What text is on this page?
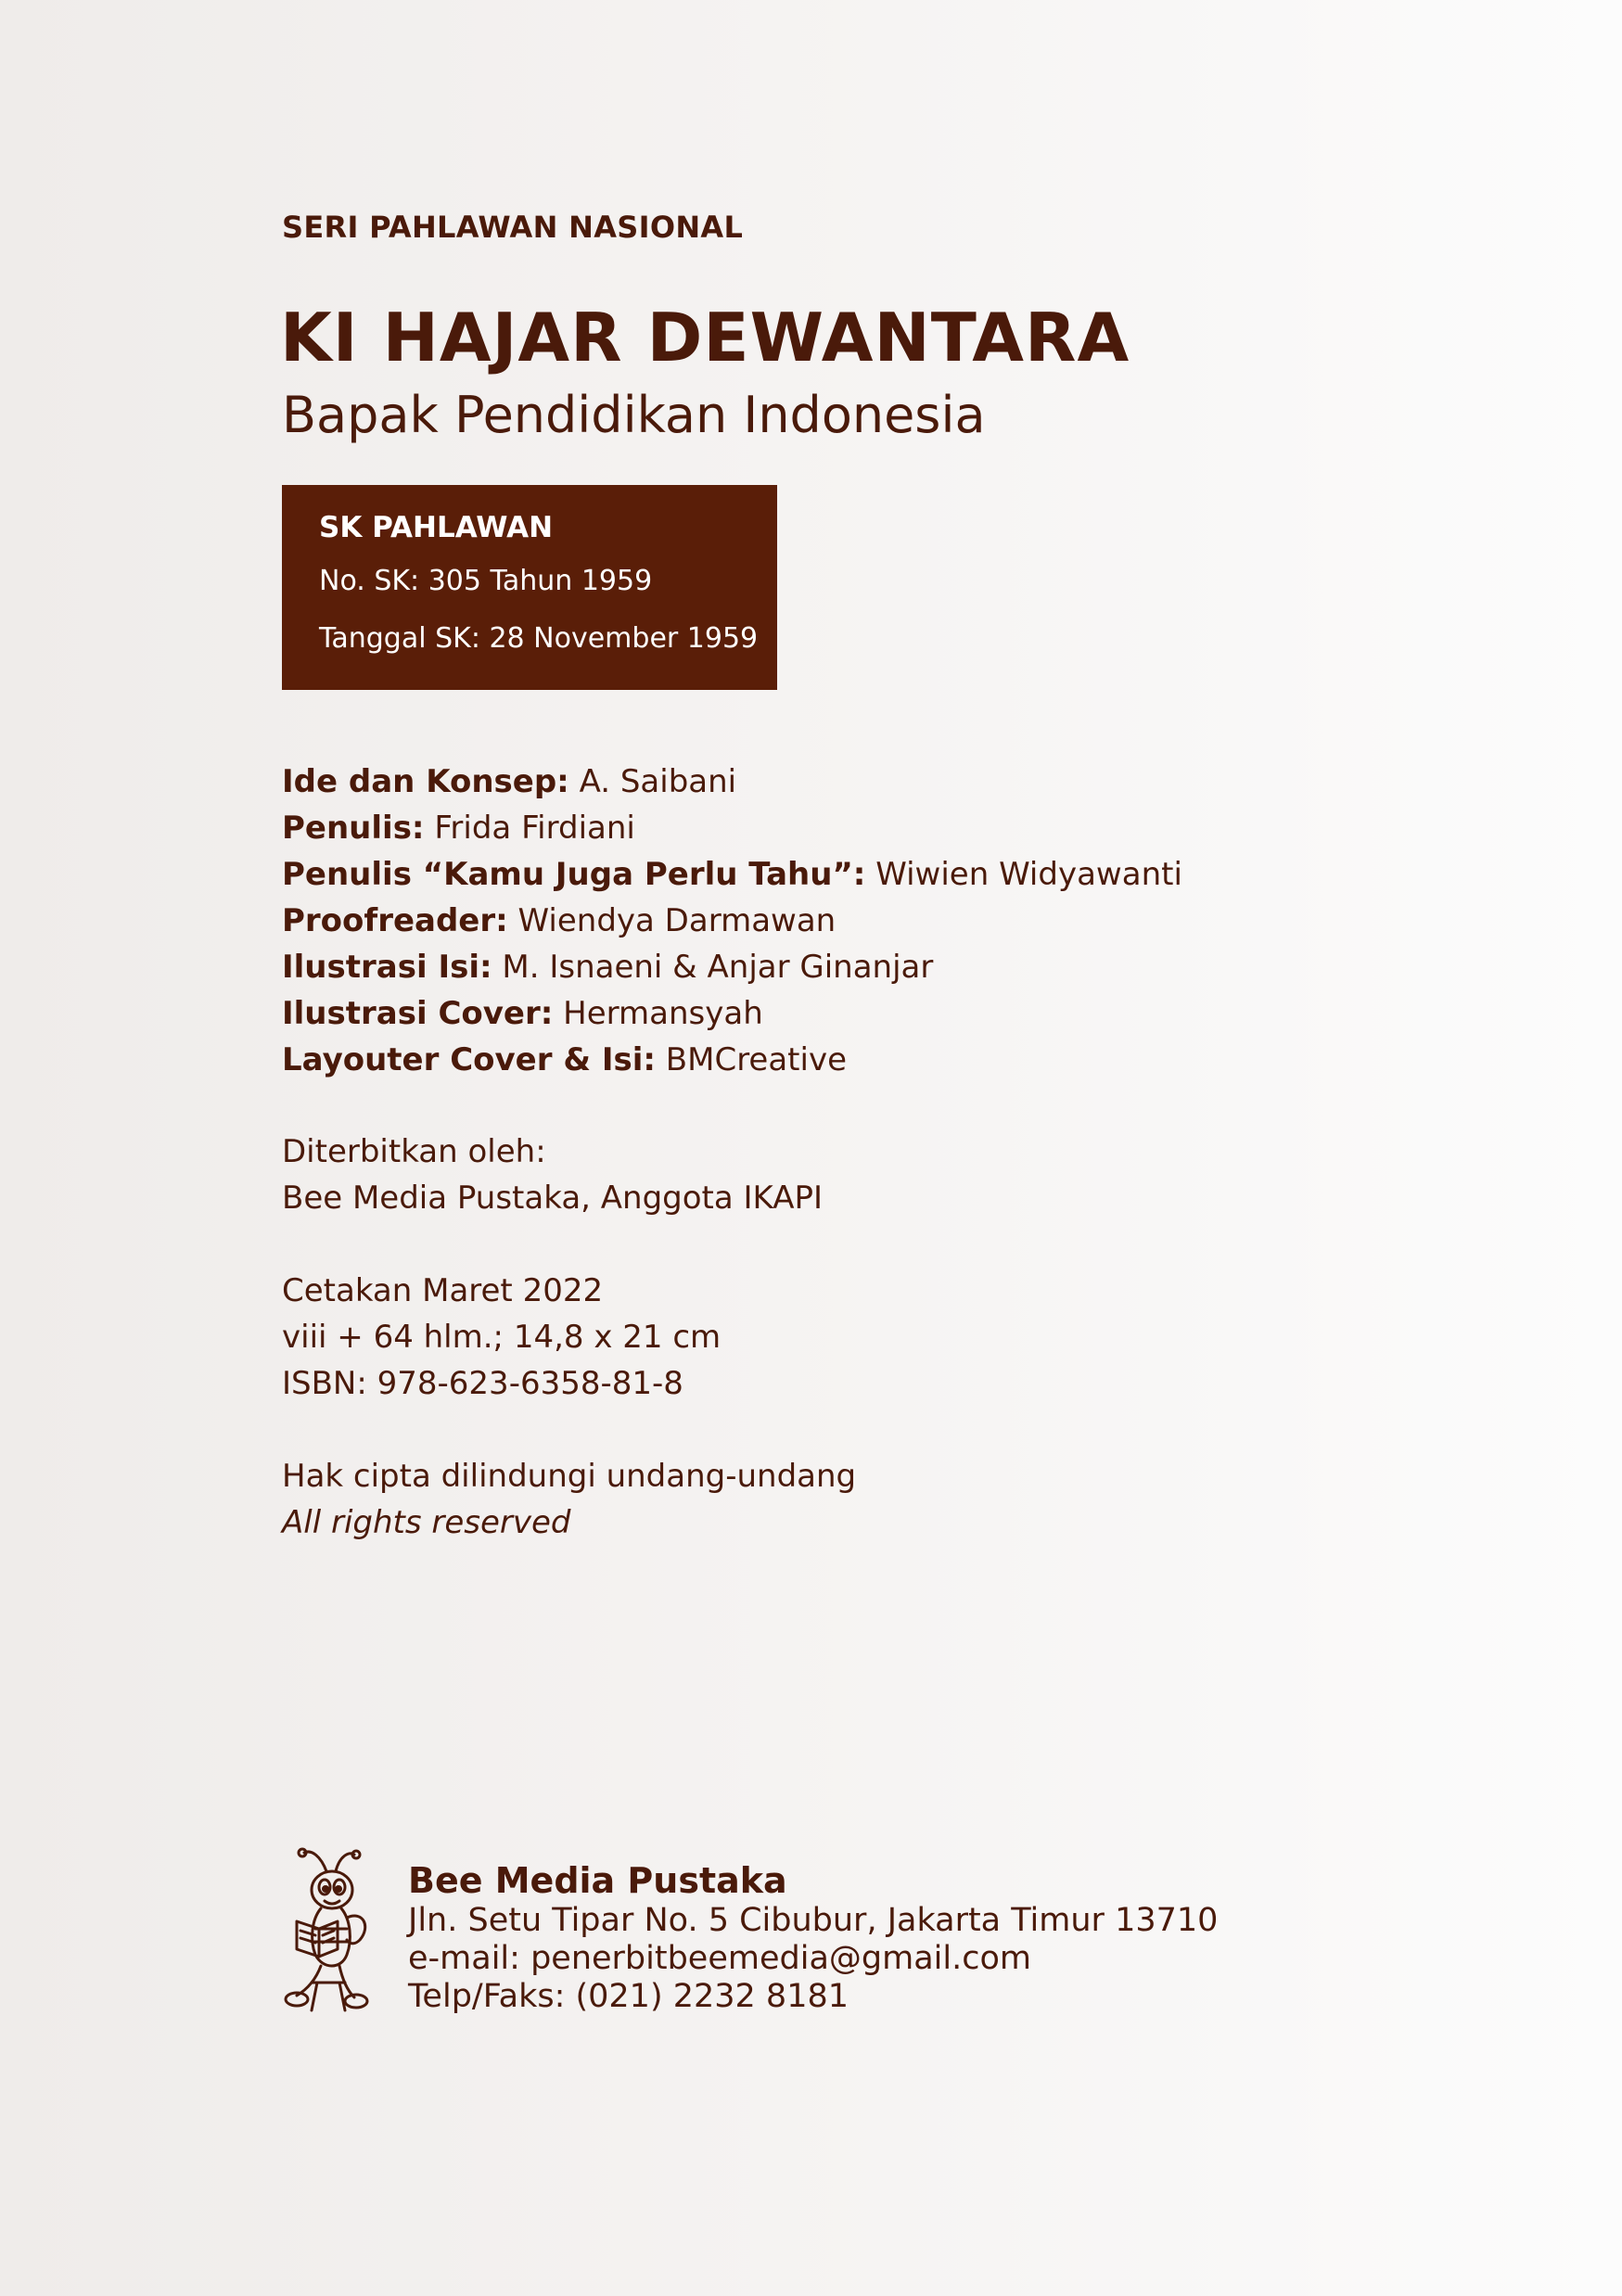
SERI PAHLAWAN NASIONAL
KI HAJAR DEWANTARA
Bapak Pendidikan Indonesia
SK PAHLAWAN
No. SK: 305 Tahun 1959
Tanggal SK: 28 November 1959
Ide dan Konsep: A. Saibani
Penulis: Frida Firdiani
Penulis “Kamu Juga Perlu Tahu”: Wiwien Widyawanti
Proofreader: Wiendya Darmawan
Ilustrasi Isi: M. Isnaeni & Anjar Ginanjar
Ilustrasi Cover: Hermansyah
Layouter Cover & Isi: BMCreative
Diterbitkan oleh:
Bee Media Pustaka, Anggota IKAPI
Cetakan Maret 2022
viii + 64 hlm.; 14,8 x 21 cm
ISBN: 978-623-6358-81-8
Hak cipta dilindungi undang-undang
All rights reserved
Bee Media Pustaka
Jln. Setu Tipar No. 5 Cibubur, Jakarta Timur 13710
e-mail: penerbitbeemedia@gmail.com
Telp/Faks: (021) 2232 8181
